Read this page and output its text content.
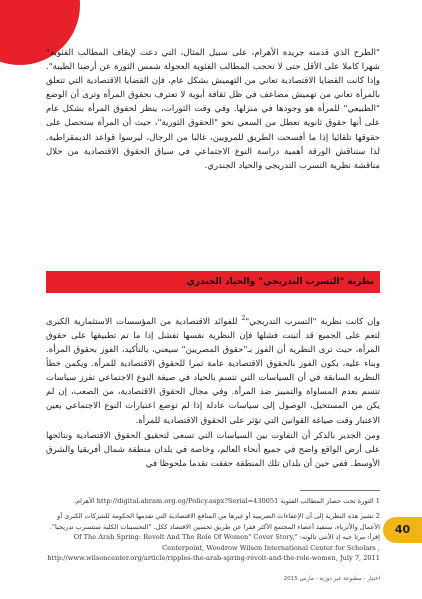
"الطرح الذي قدمته جريدة الأهرام، على سبيل المثال، التي دعت لإيقاف المطالب الفئوية" شهرا كاملا على الأقل حتى لا تحجب المطالب الفئوية العجولة شمس الثورة عن أرضنا الطيبة". وإذا كانت القضايا الاقتصادية تعاني من التهميش بشكل عام، فإن القضايا الاقتصادية التي تتعلق بالمرأة تعاني من تهميش مضاعف في ظل ثقافة أبوية لا تعترف بحقوق المرأة وترى أن الوضع "الطبيعي" للمرأة هو وجودها في منزلها. وفي وقت الثورات، ينظر لحقوق المرأة بشكل عام على أنها حقوق ثانوية تعطل من السعي نحو "الحقوق الثورية"، حيث أن المرأة ستحصل على حقوقها تلقائيا إذا ما أفسحت الطريق للمرويين، غالبا من الرجال، ليرسوا قواعد الديمقراطية. لذا ستناقش الورقة أهمية دراسة النوع الاجتماعي في سياق الحقوق الاقتصادية من خلال مناقشة نظرية التسرب التدريجي والحياد الجندري.

نظرية "التسرب التدريجي" والحياد الجندري

وإن كانت نظرية "التسرب التدريجي"$^2$ للفوائد الاقتصادية من المؤسسات الاستثمارية الكبرى لتعم على الجميع قد أثبتت فشلها فإن النظرية نفسها تفشل إذا ما تم تطبيقها على حقوق المرأة، حيث ترى النظرية أن الفوز بـ"حقوق المصريين" سيعني، بالتأكيد، الفوز بحقوق المرأة. وبناء عليه، يكون الفوز بالحقوق الاقتصادية عامة ثمرا للحقوق الاقتصادية للمرأة. ويكمن خطأ النظرية السابقة في أن السياسات التي تتسم بالحياد في صيغة النوع الاجتماعي تفرز سياسات تتسم بعدم المساواة والتمييز ضد المرأة. وفي مجال الحقوق الاقتصادية، من الصعب، إن لم يكن من المستحيل، الوصول إلى سياسات عادلة إذا لم توضع اعتبارات النوع الاجتماعي بعين الاعتبار وقت صياغة القوانين التي تؤثر على الحقوق الاقتصادية للمرأة.

ومن الجدير بالذكر أن التفاوت بين السياسات التي تسعى لتحقيق الحقوق الاقتصادية ونتائجها على أرض الواقع واضح في جميع أنحاء العالم، وخاصة في بلدان منطقة شمال أفريقيا والشرق الأوسط. ففي حين أن بلدان تلك المنطقة حققت تقدما ملحوظا في

1 الثورة تحت حصار المطالب الفئوية http://digital.ahram.org.eg/Policy.aspx?Serial=430051 الأهرام.
2 تشير هذه النظرية إلى أن الإعفاءات الضريبية أو غيرها من المنافع الاقتصادية التي تقدمها الحكومة للشركات الكبرى أو الأعمال والأثرياء، ستفيد أعضاء المجتمع الأكثر فقرا عن طريق تحسين الاقتصاد ككل. "التحسينات الكلية ستتسرب تدريجيا". إقرأ: مرثا جيه إذ الأنثى ثالوثه: Of The Arab Spring: Revolt And The Role Of Women" Cover Story," Centerpoint, Woodrow Wilson International Center for Scholars , http://www.wilsoncenter.org/article/ripples-the-arab-spring-revolt-and-the-role-women, July 7, 2011
40
اختيار - مطبوعة غير دورية - مارس 2015
